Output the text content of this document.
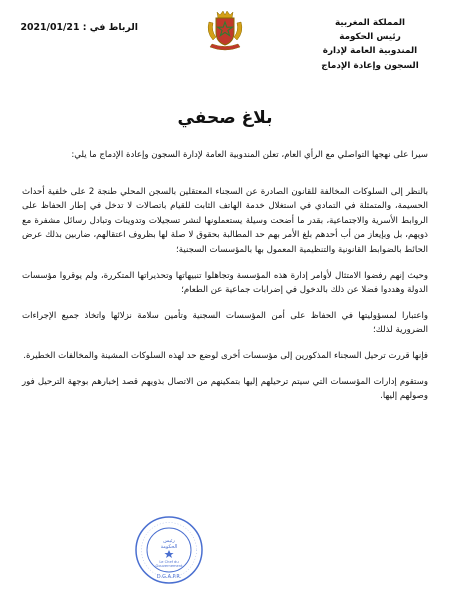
المملكة المغربية
رئيس الحكومة
المندوبية العامة لإدارة
السجون وإعادة الإدماج
الرباط في : 2021/01/21
بلاغ صحفي

سيرا على نهجها التواصلي مع الرأي العام، تعلن المندوبية العامة لإدارة السجون وإعادة الإدماج ما يلي:

بالنظر إلى السلوكات المخالفة للقانون الصادرة عن السجناء المعتقلين بالسجن المحلي طنجة 2 على خلفية أحداث الحسيمة، والمتمثلة في التمادي في استغلال خدمة الهاتف الثابت للقيام باتصالات لا تدخل في إطار الحفاظ على الروابط الأسرية والاجتماعية، بقدر ما أضحت وسيلة يستعملونها لنشر تسجيلات وتدوينات وتبادل رسائل مشفرة مع ذويهم، بل وبإيعاز من أب أحدهم بلغ الأمر بهم حد المطالبة بحقوق لا صلة لها بظروف اعتقالهم، ضاربين بذلك عرض الحائط بالضوابط القانونية والتنظيمية المعمول بها بالمؤسسات السجنية؛

وحيث إنهم رفضوا الامتثال لأوامر إدارة هذه المؤسسة وتجاهلوا تنبيهاتها وتحذيراتها المتكررة، ولم يوقروا مؤسسات الدولة وهددوا فضلا عن ذلك بالدخول في إضرابات جماعية عن الطعام؛

واعتبارا لمسؤوليتها في الحفاظ على أمن المؤسسات السجنية وتأمين سلامة نزلائها واتخاذ جميع الإجراءات الضرورية لذلك؛

فإنها قررت ترحيل السجناء المذكورين إلى مؤسسات أخرى لوضع حد لهذه السلوكات المشينة والمخالفات الخطيرة.

وستقوم إدارات المؤسسات التي سيتم ترحيلهم إليها بتمكينهم من الاتصال بذويهم قصد إخبارهم بوجهة الترحيل فور وصولهم إليها.

رئيس
الحكومة
Le Chef du
Gouvernement
D.G.A.P.R.
